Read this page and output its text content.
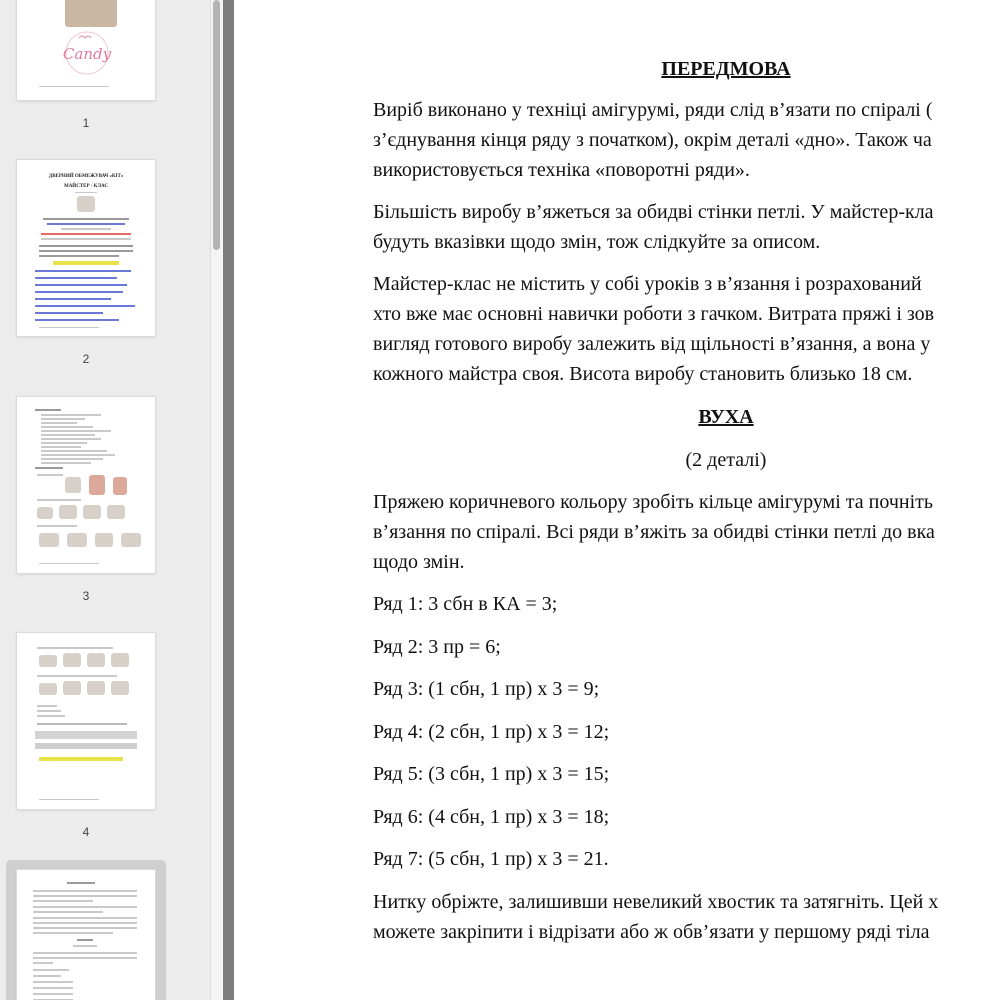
Candy
1
ДВЕРНИЙ ОБМЕЖУВАЧ «КІТ»
МАЙСТЕР - КЛАС
2
3
4
ПЕРЕДМОВА
Виріб виконано у техніці амігурумі, ряди слід в’язати по спіралі (
з’єднування кінця ряду з початком), окрім деталі «дно». Також ча
використовується техніка «поворотні ряди».
Більшість виробу в’яжеться за обидві стінки петлі. У майстер-кла
будуть вказівки щодо змін, тож слідкуйте за описом.
Майстер-клас не містить у собі уроків з в’язання і розрахований
хто вже має основні навички роботи з гачком. Витрата пряжі і зов
вигляд готового виробу залежить від щільності в’язання, а вона у
кожного майстра своя. Висота виробу становить близько 18 см.
ВУХА
(2 деталі)
Пряжею коричневого кольору зробіть кільце амігурумі та почніть
в’язання по спіралі. Всі ряди в’яжіть за обидві стінки петлі до вка
щодо змін.
Ряд 1: 3 сбн в КА = 3;
Ряд 2: 3 пр = 6;
Ряд 3: (1 сбн, 1 пр) х 3 = 9;
Ряд 4: (2 сбн, 1 пр) х 3 = 12;
Ряд 5: (3 сбн, 1 пр) х 3 = 15;
Ряд 6: (4 сбн, 1 пр) х 3 = 18;
Ряд 7: (5 сбн, 1 пр) х 3 = 21.
Нитку обріжте, залишивши невеликий хвостик та затягніть. Цей х
можете закріпити і відрізати або ж обв’язати у першому ряді тіла
